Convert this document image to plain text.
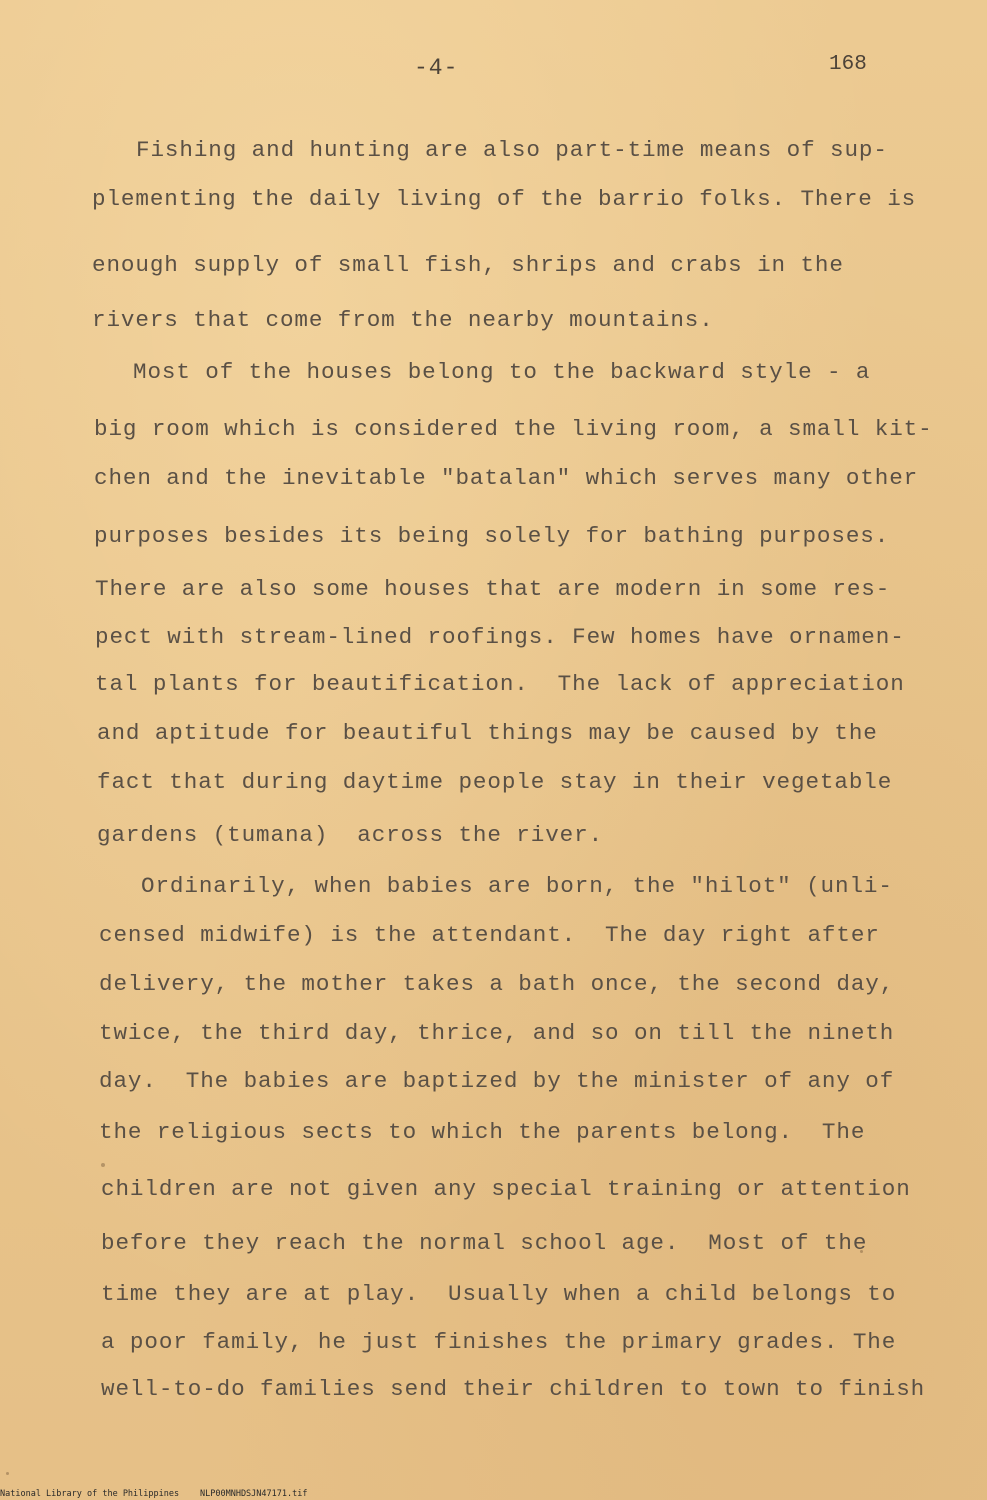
-4-	168
Fishing and hunting are also part-time means of sup-
plementing the daily living of the barrio folks. There is
enough supply of small fish, shrips and crabs in the
rivers that come from the nearby mountains.
Most of the houses belong to the backward style - a
big room which is considered the living room, a small kit-
chen and the inevitable "batalan" which serves many other
purposes besides its being solely for bathing purposes.
There are also some houses that are modern in some res-
pect with stream-lined roofings. Few homes have ornamen-
tal plants for beautification.  The lack of appreciation
and aptitude for beautiful things may be caused by the
fact that during daytime people stay in their vegetable
gardens (tumana)  across the river.
Ordinarily, when babies are born, the "hilot" (unli-
censed midwife) is the attendant.  The day right after
delivery, the mother takes a bath once, the second day,
twice, the third day, thrice, and so on till the nineth
day.  The babies are baptized by the minister of any of
the religious sects to which the parents belong.  The
children are not given any special training or attention
before they reach the normal school age.  Most of the
time they are at play.  Usually when a child belongs to
a poor family, he just finishes the primary grades. The
well-to-do families send their children to town to finish
National Library of the Philippines NLP00MNHDSJN47171.tif
